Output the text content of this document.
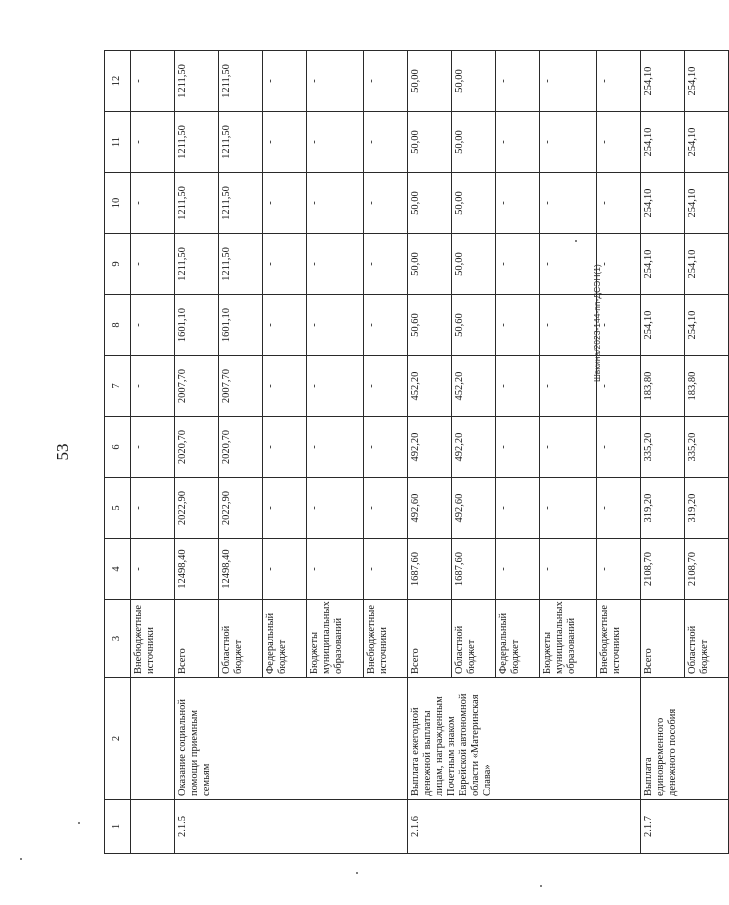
53
Швкина/2023-144-пп-ДСЭН(1)
1	2	3	4	5	6	7	8	9	10	11	12
		Внебюджетные источники	-	-	-	-	-	-	-	-	-
2.1.5	Оказание социальной помощи приемным семьям	Всего	12498,40	2022,90	2020,70	2007,70	1601,10	1211,50	1211,50	1211,50	1211,50
		Областной бюджет	12498,40	2022,90	2020,70	2007,70	1601,10	1211,50	1211,50	1211,50	1211,50
		Федеральный бюджет	-	-	-	-	-	-	-	-	-
		Бюджеты муниципальных образований	-	-	-	-	-	-	-	-	-
		Внебюджетные источники	-	-	-	-	-	-	-	-	-
2.1.6	Выплата ежегодной денежной выплаты лицам, награжденным Почетным знаком Еврейской автономной области «Материнская Слава»	Всего	1687,60	492,60	492,20	452,20	50,60	50,00	50,00	50,00	50,00
		Областной бюджет	1687,60	492,60	492,20	452,20	50,60	50,00	50,00	50,00	50,00
		Федеральный бюджет	-	-	-	-	-	-	-	-	-
		Бюджеты муниципальных образований	-	-	-	-	-	-	-	-	-
		Внебюджетные источники	-	-	-	-	-	-	-	-	-
2.1.7	Выплата единовременного денежного пособия	Всего	2108,70	319,20	335,20	183,80	254,10	254,10	254,10	254,10	254,10
		Областной бюджет	2108,70	319,20	335,20	183,80	254,10	254,10	254,10	254,10	254,10
